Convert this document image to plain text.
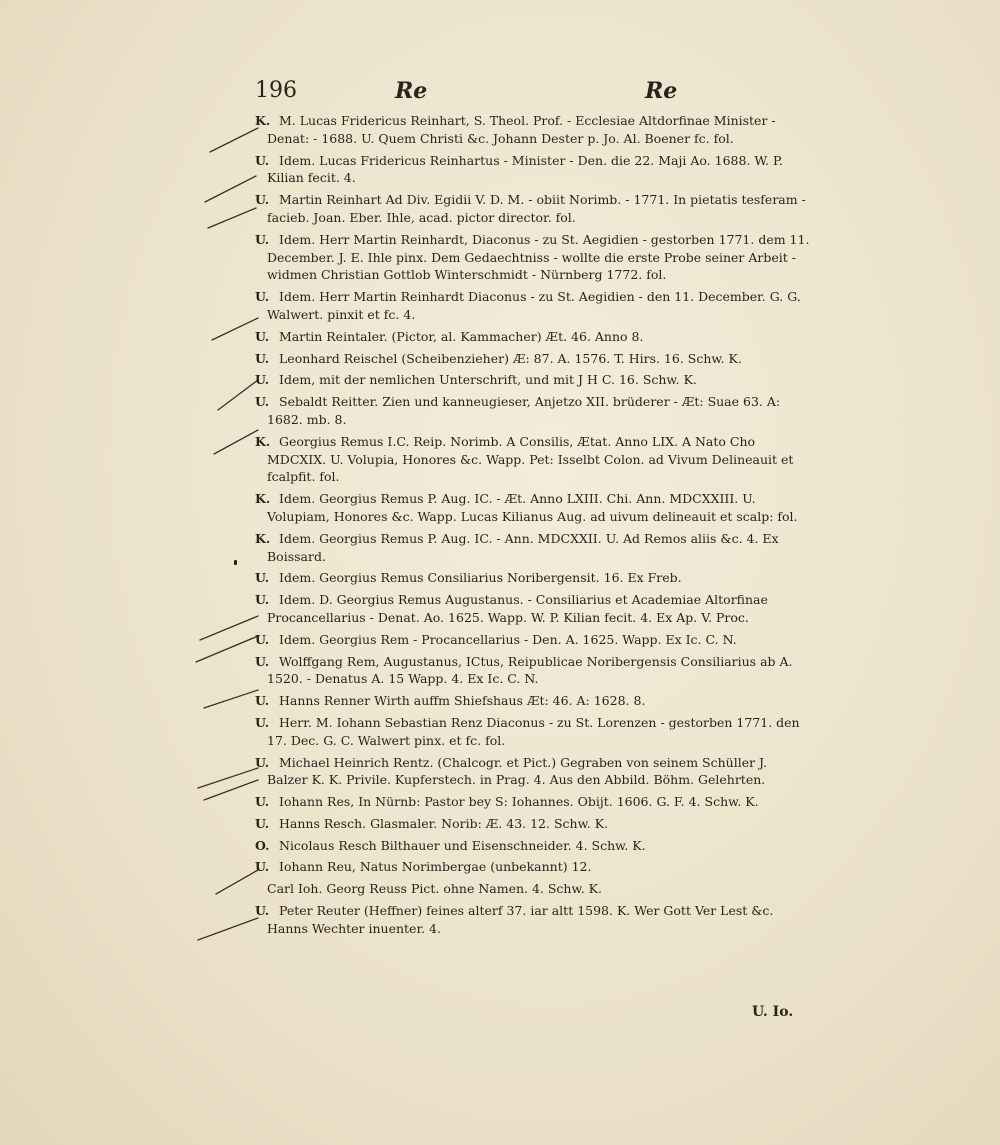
196	Re	Re
K. M. Lucas Fridericus Reinhart, S. Theol. Prof. - Ecclesiae Altdorfinae Minister - Denat: - 1688. U. Quem Christi &c. Johann Dester p. Jo. Al. Boener fc. fol.
U. Idem. Lucas Fridericus Reinhartus - Minister - Den. die 22. Maji Ao. 1688. W. P. Kilian fecit. 4.
U. Martin Reinhart Ad Div. Egidii V. D. M. - obiit Norimb. - 1771. In pietatis tesferam - facieb. Joan. Eber. Ihle, acad. pictor director. fol.
U. Idem. Herr Martin Reinhardt, Diaconus - zu St. Aegidien - gestorben 1771. dem 11. December. J. E. Ihle pinx. Dem Gedaechtniss - wollte die erste Probe seiner Arbeit - widmen Christian Gottlob Winterschmidt - Nürnberg 1772. fol.
U. Idem. Herr Martin Reinhardt Diaconus - zu St. Aegidien - den 11. December. G. G. Walwert. pinxit et fc. 4.
U. Martin Reintaler. (Pictor, al. Kammacher) Æt. 46. Anno 8.
U. Leonhard Reischel (Scheibenzieher) Æ: 87. A. 1576. T. Hirs. 16. Schw. K.
U. Idem, mit der nemlichen Unterschrift, und mit J H C. 16. Schw. K.
U. Sebaldt Reitter. Zien und kanneugieser, Anjetzo XII. brüderer - Æt: Suae 63. A: 1682. mb. 8.
K. Georgius Remus I.C. Reip. Norimb. A Consilis, Ætat. Anno LIX. A Nato Cho MDCXIX. U. Volupia, Honores &c. Wapp. Pet: Isselbt Colon. ad Vivum Delineauit et fcalpfit. fol.
K. Idem. Georgius Remus P. Aug. IC. - Æt. Anno LXIII. Chi. Ann. MDCXXIII. U. Volupiam, Honores &c. Wapp. Lucas Kilianus Aug. ad uivum delineauit et scalp: fol.
K. Idem. Georgius Remus P. Aug. IC. - Ann. MDCXXII. U. Ad Remos aliis &c. 4. Ex Boissard.
U. Idem. Georgius Remus Consiliarius Noribergensit. 16. Ex Freb.
U. Idem. D. Georgius Remus Augustanus. - Consiliarius et Academiae Altorfinae Procancellarius - Denat. Ao. 1625. Wapp. W. P. Kilian fecit. 4. Ex Ap. V. Proc.
U. Idem. Georgius Rem - Procancellarius - Den. A. 1625. Wapp. Ex Ic. C. N.
U. Wolffgang Rem, Augustanus, ICtus, Reipublicae Noribergensis Consiliarius ab A. 1520. - Denatus A. 15 Wapp. 4. Ex Ic. C. N.
U. Hanns Renner Wirth auffm Shiefshaus Æt: 46. A: 1628. 8.
U. Herr. M. Iohann Sebastian Renz Diaconus - zu St. Lorenzen - gestorben 1771. den 17. Dec. G. C. Walwert pinx. et fc. fol.
U. Michael Heinrich Rentz. (Chalcogr. et Pict.) Gegraben von seinem Schüller J. Balzer K. K. Privile. Kupferstech. in Prag. 4. Aus den Abbild. Böhm. Gelehrten.
U. Iohann Res, In Nürnb: Pastor bey S: Iohannes. Obijt. 1606. G. F. 4. Schw. K.
U. Hanns Resch. Glasmaler. Norib: Æ. 43. 12. Schw. K.
O. Nicolaus Resch Bilthauer und Eisenschneider. 4. Schw. K.
U. Iohann Reu, Natus Norimbergae (unbekannt) 12.
Carl Ioh. Georg Reuss Pict. ohne Namen. 4. Schw. K.
U. Peter Reuter (Heffner) feines alterf 37. iar altt 1598. K. Wer Gott Ver Lest &c. Hanns Wechter inuenter. 4.
U. Io.
